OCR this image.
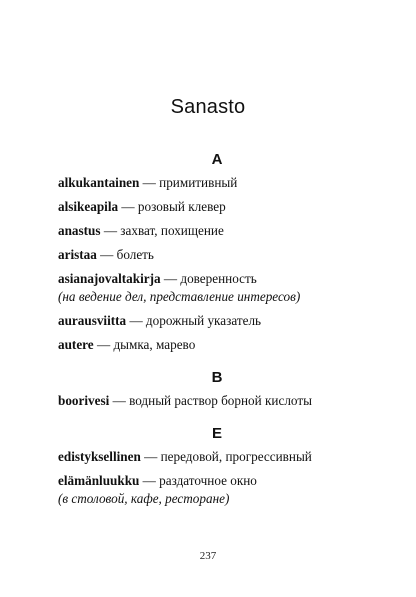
Sanasto
A
alkukantainen — примитивный
alsikeapila — розовый клевер
anastus — захват, похищение
aristaa — болеть
asianajovaltakirja — доверенность
(на ведение дел, представление интересов)
aurausviitta — дорожный указатель
autere — дымка, марево
B
boorivesi — водный раствор борной кислоты
E
edistyksellinen — передовой, прогрессивный
elämänluukku — раздаточное окно
(в столовой, кафе, ресторане)
237
